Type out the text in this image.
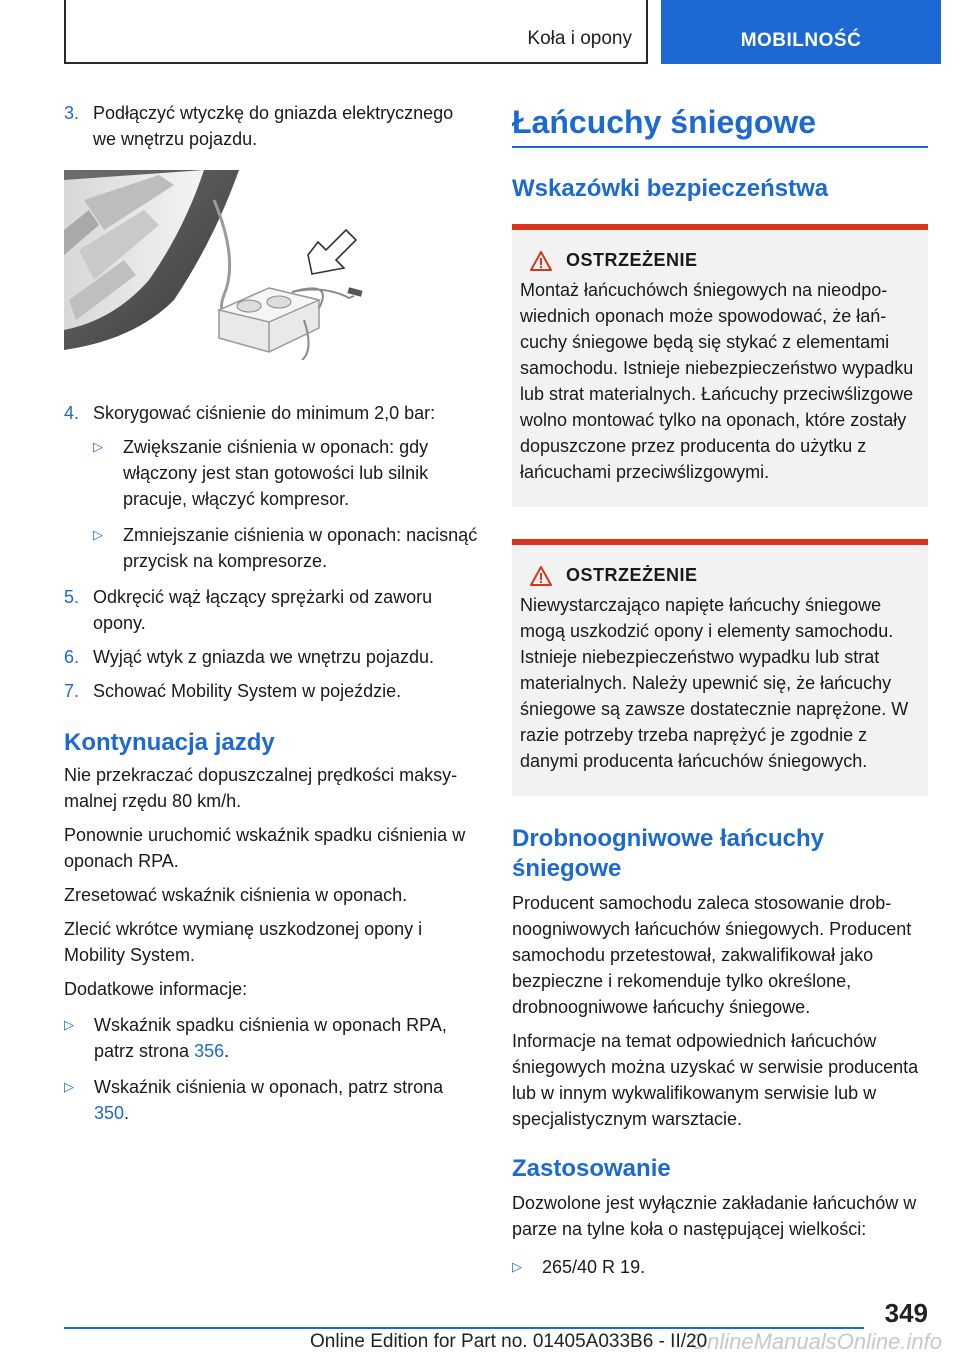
Koła i opony	MOBILNOŚĆ
3. Podłączyć wtyczkę do gniazda elektrycznego we wnętrzu pojazdu.
4. Skorygować ciśnienie do minimum 2,0 bar:
▷	Zwiększanie ciśnienia w oponach: gdy włączony jest stan gotowości lub silnik pracuje, włączyć kompresor.
▷	Zmniejszanie ciśnienia w oponach: nacisnąć przycisk na kompresorze.
5. Odkręcić wąż łączący sprężarki od zaworu opony.
6. Wyjąć wtyk z gniazda we wnętrzu pojazdu.
7. Schować Mobility System w pojeździe.
Kontynuacja jazdy

Nie przekraczać dopuszczalnej prędkości maksymalnej rzędu 80 km/h.

Ponownie uruchomić wskaźnik spadku ciśnienia w oponach RPA.

Zresetować wskaźnik ciśnienia w oponach.

Zlecić wkrótce wymianę uszkodzonej opony i Mobility System.

Dodatkowe informacje:

▷	Wskaźnik spadku ciśnienia w oponach RPA, patrz strona 356.
▷	Wskaźnik ciśnienia w oponach, patrz strona 350.
Łańcuchy śniegowe
Wskazówki bezpieczeństwa
OSTRZEŻENIE

Montaż łańcuchówch śniegowych na nieodpowiednich oponach może spowodować, że łańcuchy śniegowe będą się stykać z elementami samochodu. Istnieje niebezpieczeństwo wypadku lub strat materialnych. Łańcuchy przeciwślizgowe wolno montować tylko na oponach, które zostały dopuszczone przez producenta do użytku z łańcuchami przeciwślizgowymi.

OSTRZEŻENIE

Niewystarczająco napięte łańcuchy śniegowe mogą uszkodzić opony i elementy samochodu. Istnieje niebezpieczeństwo wypadku lub strat materialnych. Należy upewnić się, że łańcuchy śniegowe są zawsze dostatecznie naprężone. W razie potrzeby trzeba naprężyć je zgodnie z danymi producenta łańcuchów śniegowych.

Drobnoogniwowe łańcuchy śniegowe

Producent samochodu zaleca stosowanie drobnoogniwowych łańcuchów śniegowych. Producent samochodu przetestował, zakwalifikował jako bezpieczne i rekomenduje tylko określone, drobnoogniwowe łańcuchy śniegowe.

Informacje na temat odpowiednich łańcuchów śniegowych można uzyskać w serwisie producenta lub w innym wykwalifikowanym serwisie lub w specjalistycznym warsztacie.

Zastosowanie

Dozwolone jest wyłącznie zakładanie łańcuchów w parze na tylne koła o następującej wielkości:

▷	265/40 R 19.
349
OnlineManualsOnline.info
Online Edition for Part no. 01405A033B6 - II/20
